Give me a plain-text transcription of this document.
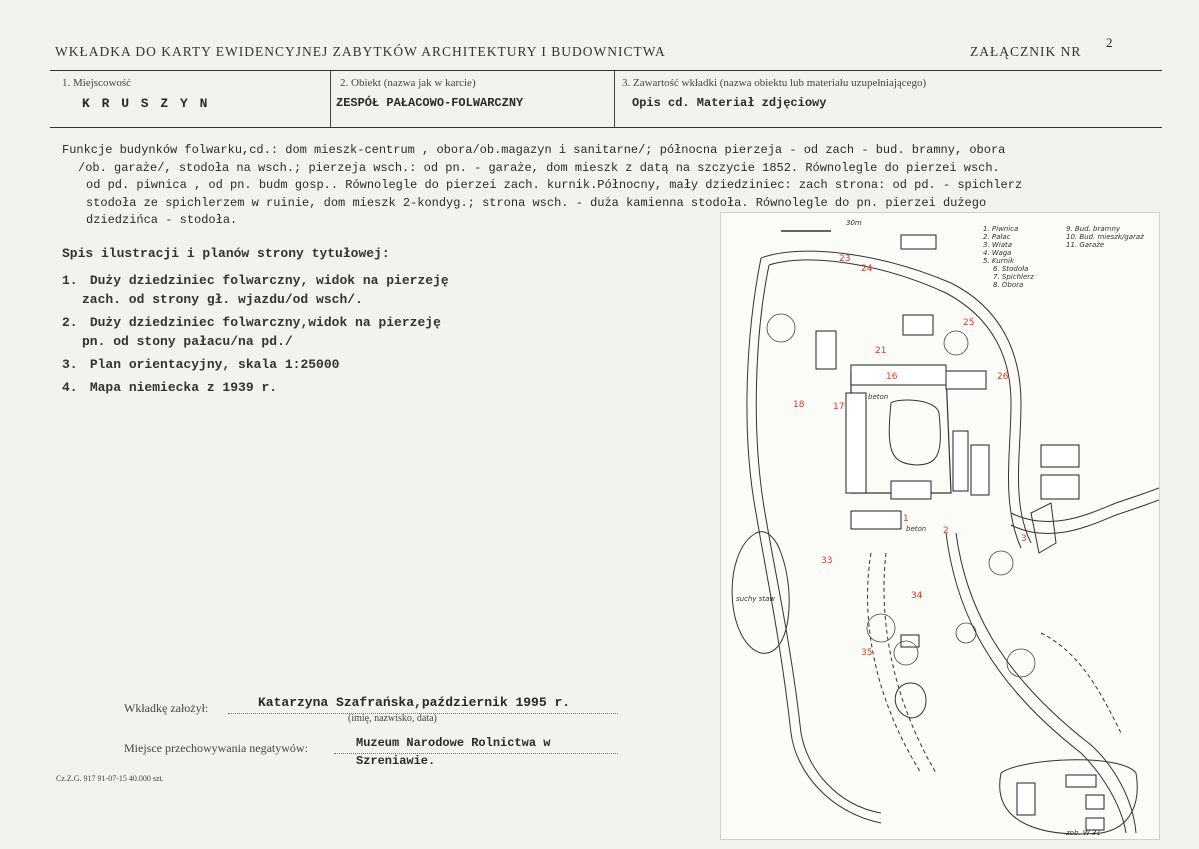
WKŁADKA DO KARTY EWIDENCYJNEJ ZABYTKÓW ARCHITEKTURY I BUDOWNICTWA	ZAŁĄCZNIK NR
2
1. Miejscowość
K R U S Z Y N
2. Obiekt (nazwa jak w karcie)
ZESPÓŁ PAŁACOWO-FOLWARCZNY
3. Zawartość wkładki (nazwa obiektu lub materiału uzupełniającego)
Opis cd. Materiał zdjęciowy
Funkcje budynków folwarku,cd.: dom mieszk-centrum , obora/ob.magazyn i sanitarne/; północna pierzeja - od zach - bud. bramny, obora
/ob. garaże/, stodoła na wsch.; pierzeja wsch.: od pn. - garaże, dom mieszk z datą na szczycie 1852. Równolegle do pierzei wsch.
od pd. piwnica , od pn. budm gosp.. Równolegle do pierzei zach. kurnik.Północny, mały dziedziniec: zach strona: od pd. - spichlerz
stodoła ze spichlerzem w ruinie, dom mieszk 2-kondyg.; strona wsch. - duża kamienna stodoła. Równolegle do pn. pierzei dużego
dziedzińca - stodoła.
Spis ilustracji i planów strony tytułowej:
1. Duży dziedziniec folwarczny, widok na pierzeję
zach. od strony gł. wjazdu/od wsch/.
2. Duży dziedziniec folwarczny,widok na pierzeję
pn. od stony pałacu/na pd./
3. Plan orientacyjny, skala 1:25000
4. Mapa niemiecka z 1939 r.
Wkładkę założył:	Katarzyna Szafrańska,październik 1995 r.
(imię, nazwisko, data)
Miejsce przechowywania negatywów:	Muzeum Narodowe Rolnictwa w
Szreniawie.
Cz.Z.G. 917 91-07-15 40.000 szt.
23
24
25
26
21
16
18	17
1
2
3
33
34
35
30m
suchy staw
zob. W 31
beton
beton
1. Piwnica
2. Pałac
3. Wiata
4. Waga
5. Kurnik
6. Stodoła
7. Spichlerz
8. Obora
9. Bud. bramny
10. Bud. mieszk/garaż
11. Garaże
